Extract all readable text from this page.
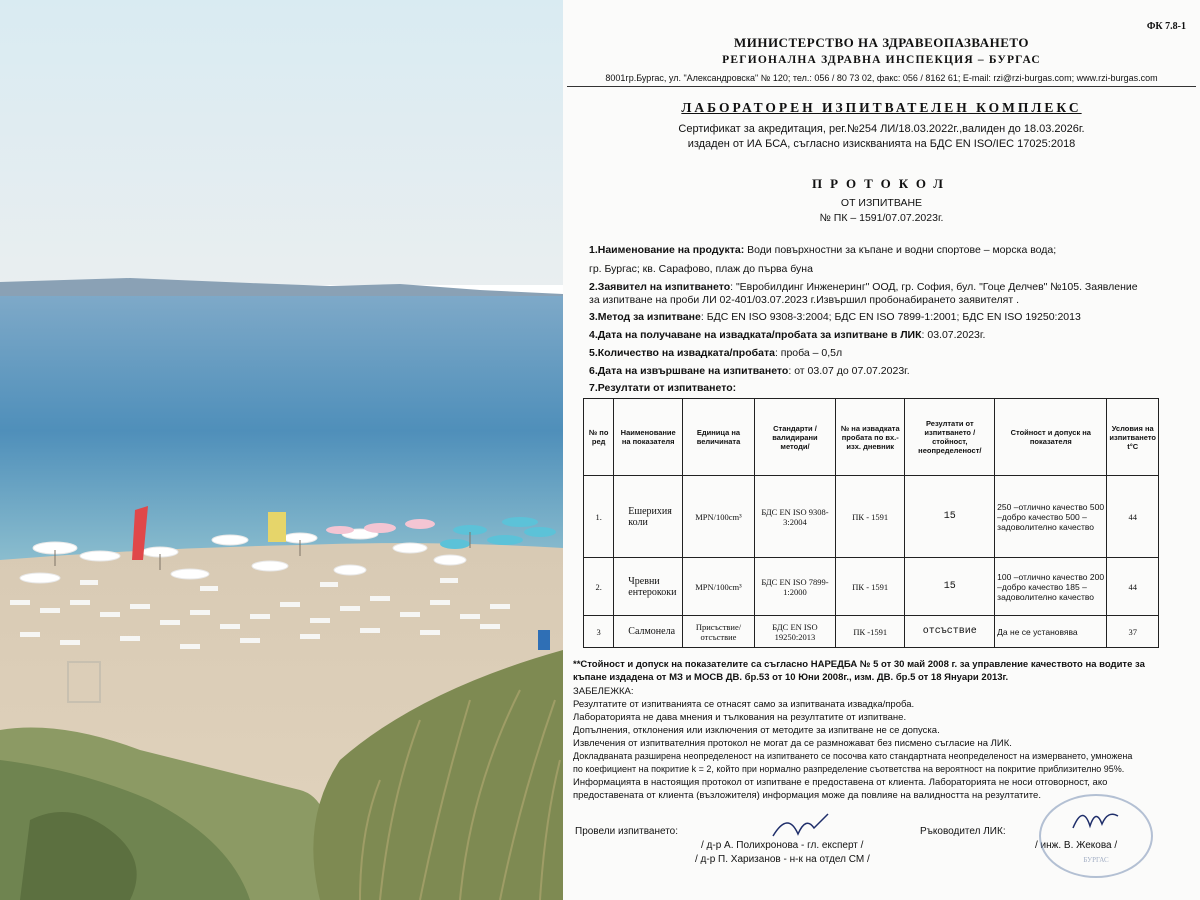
ФК 7.8-1
МИНИСТЕРСТВО НА ЗДРАВЕОПАЗВАНЕТО
РЕГИОНАЛНА ЗДРАВНА ИНСПЕКЦИЯ – БУРГАС
8001гр.Бургас, ул. "Александровска" № 120; тел.: 056 / 80 73 02, факс: 056 / 8162 61; E-mail: rzi@rzi-burgas.com; www.rzi-burgas.com
ЛАБОРАТОРЕН ИЗПИТВАТЕЛЕН КОМПЛЕКС
Сертификат за акредитация, рег.№254 ЛИ/18.03.2022г.,валиден до 18.03.2026г.
издаден от ИА БСА, съгласно изискванията на БДС EN ISO/IEC 17025:2018
ПРОТОКОЛ
ОТ ИЗПИТВАНЕ
№ ПК – 1591/07.07.2023г.
1.Наименование на продукта: Води повърхностни за къпане и водни спортове – морска вода;
гр. Бургас; кв. Сарафово, плаж до първа буна
2.Заявител на изпитването: "Евробилдинг Инженеринг" ООД, гр. София, бул. "Гоце Делчев" №105. Заявление
за изпитване на проби ЛИ 02-401/03.07.2023 г.Извършил пробонабирането заявителят .
3.Метод за изпитване: БДС EN ISO 9308-3:2004; БДС EN ISO 7899-1:2001; БДС EN ISO 19250:2013
4.Дата на получаване на извадката/пробата за изпитване в ЛИК: 03.07.2023г.
5.Количество на извадката/пробата: проба – 0,5л
6.Дата на извършване на изпитването: от 03.07 до 07.07.2023г.
7.Резултати от изпитването:
№ по ред	Наименование на показателя	Единица на величината	Стандарти /валидирани методи/	№ на извадката пробата по вх.-изх. дневник	Резултати от изпитването /стойност, неопределеност/	Стойност и допуск на показателя	Условия на изпитването t°C
1.	Ешерихия коли	MPN/100cm³	БДС EN ISO 9308-3:2004	ПК - 1591	15	250 –отлично качество 500 –добро качество 500 –задоволително качество	44
2.	Чревни ентерококи	MPN/100cm³	БДС EN ISO 7899-1:2000	ПК - 1591	15	100 –отлично качество 200 –добро качество 185 – задоволително качество	44
3	Салмонела	Присъствие/ отсъствие	БДС EN ISO 19250:2013	ПК -1591	отсъствие	Да не се установява	37
**Стойност и допуск на показателите са съгласно НАРЕДБА № 5 от 30 май 2008 г. за управление качеството на водите за
къпане издадена от МЗ и МОСВ ДВ. бр.53 от 10 Юни 2008г., изм. ДВ. бр.5 от 18 Януари 2013г.
ЗАБЕЛЕЖКА:
Резултатите от изпитванията се отнасят само за изпитваната извадка/проба.
Лабораторията не дава мнения и тълкования на резултатите от изпитване.
Допълнения, отклонения или изключения от методите за изпитване не се допуска.
Извлечения от изпитвателния протокол не могат да се размножават без писмено съгласие на ЛИК.
Докладваната разширена неопределеност на изпитването се посочва като стандартната неопределеност на измерването, умножена
по коефициент на покритие k = 2, който при нормално разпределение съответства на вероятност на покритие приблизително 95%.
Информацията в настоящия протокол от изпитване е предоставена от клиента. Лабораторията не носи отговорност, ако
предоставената от клиента (възложителя) информация може да повлияе на валидността на резултатите.
Провели изпитването:
/ д-р А. Полихронова - гл. експерт /
/ д-р П. Харизанов - н-к на отдел СМ /
Ръководител ЛИК:
/ инж. В. Жекова /
БУРГАС
